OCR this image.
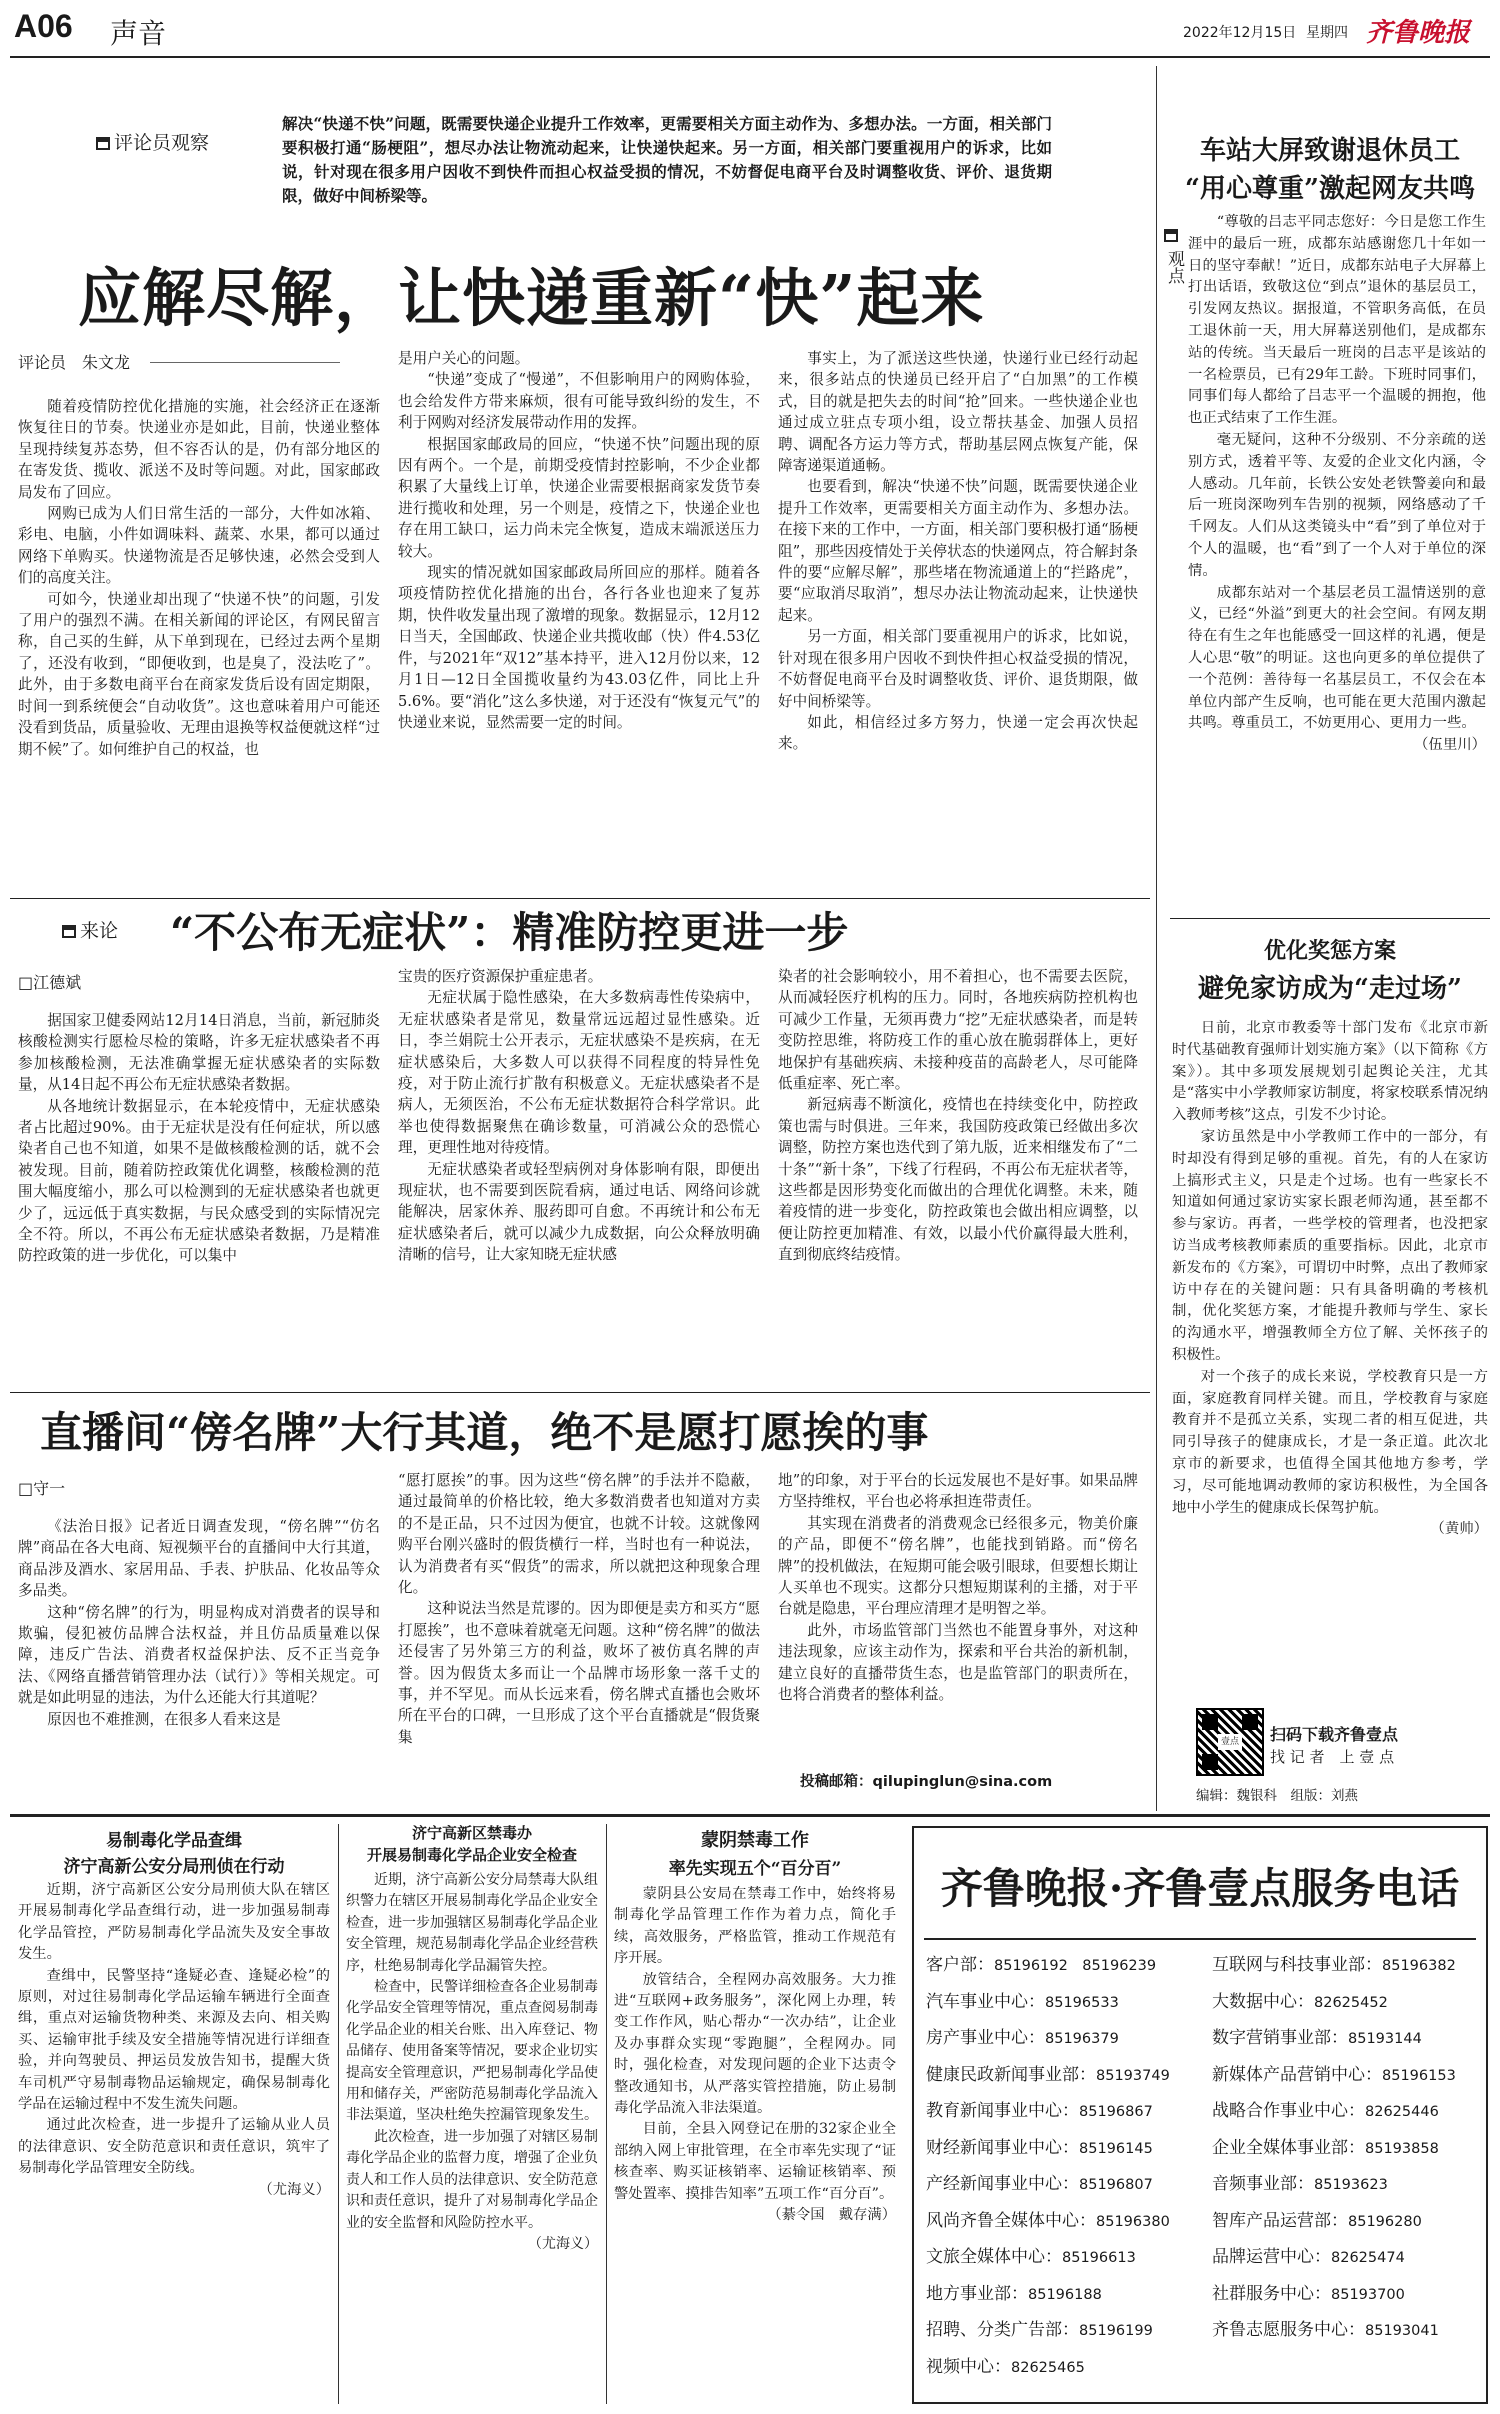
A06 声音	2022年12月15日 星期四 齐鲁晚报
评论员观察
解决“快递不快”问题，既需要快递企业提升工作效率，更需要相关方面主动作为、多想办法。一方面，相关部门要积极打通“肠梗阻”，想尽办法让物流动起来，让快递快起来。另一方面，相关部门要重视用户的诉求，比如说，针对现在很多用户因收不到快件而担心权益受损的情况，不妨督促电商平台及时调整收货、评价、退货期限，做好中间桥梁等。
应解尽解，让快递重新“快”起来
评论员　朱文龙

随着疫情防控优化措施的实施，社会经济正在逐渐恢复往日的节奏。快递业亦是如此，目前，快递业整体呈现持续复苏态势，但不容否认的是，仍有部分地区的在寄发货、揽收、派送不及时等问题。对此，国家邮政局发布了回应。

网购已成为人们日常生活的一部分，大件如冰箱、彩电、电脑，小件如调味料、蔬菜、水果，都可以通过网络下单购买。快递物流是否足够快速，必然会受到人们的高度关注。

可如今，快递业却出现了“快递不快”的问题，引发了用户的强烈不满。在相关新闻的评论区，有网民留言称，自己买的生鲜，从下单到现在，已经过去两个星期了，还没有收到，“即便收到，也是臭了，没法吃了”。此外，由于多数电商平台在商家发货后设有固定期限，时间一到系统便会“自动收货”。这也意味着用户可能还没看到货品，质量验收、无理由退换等权益便就这样“过期不候”了。如何维护自己的权益，也

是用户关心的问题。

“快递”变成了“慢递”，不但影响用户的网购体验，也会给发件方带来麻烦，很有可能导致纠纷的发生，不利于网购对经济发展带动作用的发挥。

根据国家邮政局的回应，“快递不快”问题出现的原因有两个。一个是，前期受疫情封控影响，不少企业都积累了大量线上订单，快递企业需要根据商家发货节奏进行揽收和处理，另一个则是，疫情之下，快递企业也存在用工缺口，运力尚未完全恢复，造成末端派送压力较大。

现实的情况就如国家邮政局所回应的那样。随着各项疫情防控优化措施的出台，各行各业也迎来了复苏期，快件收发量出现了激增的现象。数据显示，12月12日当天，全国邮政、快递企业共揽收邮（快）件4.53亿件，与2021年“双12”基本持平，进入12月份以来，12月1日—12日全国揽收量约为43.03亿件，同比上升5.6%。要“消化”这么多快递，对于还没有“恢复元气”的快递业来说，显然需要一定的时间。

事实上，为了派送这些快递，快递行业已经行动起来，很多站点的快递员已经开启了“白加黑”的工作模式，目的就是把失去的时间“抢”回来。一些快递企业也通过成立驻点专项小组，设立帮扶基金、加强人员招聘、调配各方运力等方式，帮助基层网点恢复产能，保障寄递渠道通畅。

也要看到，解决“快递不快”问题，既需要快递企业提升工作效率，更需要相关方面主动作为、多想办法。在接下来的工作中，一方面，相关部门要积极打通“肠梗阻”，那些因疫情处于关停状态的快递网点，符合解封条件的要“应解尽解”，那些堵在物流通道上的“拦路虎”，要“应取消尽取消”，想尽办法让物流动起来，让快递快起来。

另一方面，相关部门要重视用户的诉求，比如说，针对现在很多用户因收不到快件担心权益受损的情况，不妨督促电商平台及时调整收货、评价、退货期限，做好中间桥梁等。

如此，相信经过多方努力，快递一定会再次快起来。

车站大屏致谢退休员工
“用心尊重”激起网友共鸣
观点

“尊敬的吕志平同志您好：今日是您工作生涯中的最后一班，成都东站感谢您几十年如一日的坚守奉献！”近日，成都东站电子大屏幕上打出话语，致敬这位“到点”退休的基层员工，引发网友热议。据报道，不管职务高低，在员工退休前一天，用大屏幕送别他们，是成都东站的传统。当天最后一班岗的吕志平是该站的一名检票员，已有29年工龄。下班时同事们，同事们每人都给了吕志平一个温暖的拥抱，他也正式结束了工作生涯。

毫无疑问，这种不分级别、不分亲疏的送别方式，透着平等、友爱的企业文化内涵，令人感动。几年前，长铁公安处老铁警姜向和最后一班岗深吻列车告别的视频，网络感动了千千网友。人们从这类镜头中“看”到了单位对于个人的温暖，也“看”到了一个人对于单位的深情。

成都东站对一个基层老员工温情送别的意义，已经“外溢”到更大的社会空间。有网友期待在有生之年也能感受一回这样的礼遇，便是人心思“敬”的明证。这也向更多的单位提供了一个范例：善待每一名基层员工，不仅会在本单位内部产生反响，也可能在更大范围内激起共鸣。尊重员工，不妨更用心、更用力一些。

（伍里川）
优化奖惩方案
避免家访成为“走过场”

日前，北京市教委等十部门发布《北京市新时代基础教育强师计划实施方案》（以下简称《方案》）。其中多项发展规划引起舆论关注，尤其是“落实中小学教师家访制度，将家校联系情况纳入教师考核”这点，引发不少讨论。

家访虽然是中小学教师工作中的一部分，有时却没有得到足够的重视。首先，有的人在家访上搞形式主义，只是走个过场。也有一些家长不知道如何通过家访实家长跟老师沟通，甚至都不参与家访。再者，一些学校的管理者，也没把家访当成考核教师素质的重要指标。因此，北京市新发布的《方案》，可谓切中时弊，点出了教师家访中存在的关键问题：只有具备明确的考核机制，优化奖惩方案，才能提升教师与学生、家长的沟通水平，增强教师全方位了解、关怀孩子的积极性。

对一个孩子的成长来说，学校教育只是一方面，家庭教育同样关键。而且，学校教育与家庭教育并不是孤立关系，实现二者的相互促进，共同引导孩子的健康成长，才是一条正道。此次北京市的新要求，也值得全国其他地方参考，学习，尽可能地调动教师的家访积极性，为全国各地中小学生的健康成长保驾护航。

（黄帅）
壹点 扫码下载齐鲁壹点
找 记 者　上 壹 点
编辑：魏银科　组版：刘燕
来论 “不公布无症状”：精准防控更进一步
□江德斌

据国家卫健委网站12月14日消息，当前，新冠肺炎核酸检测实行愿检尽检的策略，许多无症状感染者不再参加核酸检测，无法准确掌握无症状感染者的实际数量，从14日起不再公布无症状感染者数据。

从各地统计数据显示，在本轮疫情中，无症状感染者占比超过90%。由于无症状是没有任何症状，所以感染者自己也不知道，如果不是做核酸检测的话，就不会被发现。目前，随着防控政策优化调整，核酸检测的范围大幅度缩小，那么可以检测到的无症状感染者也就更少了，远远低于真实数据，与民众感受到的实际情况完全不符。所以，不再公布无症状感染者数据，乃是精准防控政策的进一步优化，可以集中

宝贵的医疗资源保护重症患者。

无症状属于隐性感染，在大多数病毒性传染病中，无症状感染者是常见，数量常远远超过显性感染。近日，李兰娟院士公开表示，无症状感染不是疾病，在无症状感染后，大多数人可以获得不同程度的特异性免疫，对于防止流行扩散有积极意义。无症状感染者不是病人，无须医治，不公布无症状数据符合科学常识。此举也使得数据聚焦在确诊数量，可消减公众的恐慌心理，更理性地对待疫情。

无症状感染者或轻型病例对身体影响有限，即便出现症状，也不需要到医院看病，通过电话、网络问诊就能解决，居家休养、服药即可自愈。不再统计和公布无症状感染者后，就可以减少九成数据，向公众释放明确清晰的信号，让大家知晓无症状感

染者的社会影响较小，用不着担心，也不需要去医院，从而减轻医疗机构的压力。同时，各地疾病防控机构也可减少工作量，无须再费力“挖”无症状感染者，而是转变防控思维，将防疫工作的重心放在脆弱群体上，更好地保护有基础疾病、未接种疫苗的高龄老人，尽可能降低重症率、死亡率。

新冠病毒不断演化，疫情也在持续变化中，防控政策也需与时俱进。三年来，我国防疫政策已经做出多次调整，防控方案也迭代到了第九版，近来相继发布了“二十条”“新十条”，下线了行程码，不再公布无症状者等，这些都是因形势变化而做出的合理优化调整。未来，随着疫情的进一步变化，防控政策也会做出相应调整，以便让防控更加精准、有效，以最小代价赢得最大胜利，直到彻底终结疫情。

直播间“傍名牌”大行其道，绝不是愿打愿挨的事
□守一

《法治日报》记者近日调查发现，“傍名牌”“仿名牌”商品在各大电商、短视频平台的直播间中大行其道，商品涉及酒水、家居用品、手表、护肤品、化妆品等众多品类。

这种“傍名牌”的行为，明显构成对消费者的误导和欺骗，侵犯被仿品牌合法权益，并且仿品质量难以保障，违反广告法、消费者权益保护法、反不正当竞争法、《网络直播营销管理办法（试行）》等相关规定。可就是如此明显的违法，为什么还能大行其道呢？

原因也不难推测，在很多人看来这是

“愿打愿挨”的事。因为这些“傍名牌”的手法并不隐蔽，通过最简单的价格比较，绝大多数消费者也知道对方卖的不是正品，只不过因为便宜，也就不计较。这就像网购平台刚兴盛时的假货横行一样，当时也有一种说法，认为消费者有买“假货”的需求，所以就把这种现象合理化。

这种说法当然是荒谬的。因为即便是卖方和买方“愿打愿挨”，也不意味着就毫无问题。这种“傍名牌”的做法还侵害了另外第三方的利益，败坏了被仿真名牌的声誉。因为假货太多而让一个品牌市场形象一落千丈的事，并不罕见。而从长远来看，傍名牌式直播也会败坏所在平台的口碑，一旦形成了这个平台直播就是“假货聚集

地”的印象，对于平台的长远发展也不是好事。如果品牌方坚持维权，平台也必将承担连带责任。

其实现在消费者的消费观念已经很多元，物美价廉的产品，即便不“傍名牌”，也能找到销路。而“傍名牌”的投机做法，在短期可能会吸引眼球，但要想长期让人买单也不现实。这都分只想短期谋利的主播，对于平台就是隐患，平台理应清理才是明智之举。

此外，市场监管部门当然也不能置身事外，对这种违法现象，应该主动作为，探索和平台共治的新机制，建立良好的直播带货生态，也是监管部门的职责所在，也将合消费者的整体利益。

投稿邮箱：qilupinglun@sina.com
易制毒化学品查缉
济宁高新公安分局刑侦在行动

近期，济宁高新区公安分局刑侦大队在辖区开展易制毒化学品查缉行动，进一步加强易制毒化学品管控，严防易制毒化学品流失及安全事故发生。

查缉中，民警坚持“逢疑必查、逢疑必检”的原则，对过往易制毒化学品运输车辆进行全面查缉，重点对运输货物种类、来源及去向、相关购买、运输审批手续及安全措施等情况进行详细查验，并向驾驶员、押运员发放告知书，提醒大货车司机严守易制毒物品运输规定，确保易制毒化学品在运输过程中不发生流失问题。

通过此次检查，进一步提升了运输从业人员的法律意识、安全防范意识和责任意识，筑牢了易制毒化学品管理安全防线。

（尤海义）
济宁高新区禁毒办
开展易制毒化学品企业安全检查

近期，济宁高新公安分局禁毒大队组织警力在辖区开展易制毒化学品企业安全检查，进一步加强辖区易制毒化学品企业安全管理，规范易制毒化学品企业经营秩序，杜绝易制毒化学品漏管失控。

检查中，民警详细检查各企业易制毒化学品安全管理等情况，重点查阅易制毒化学品企业的相关台账、出入库登记、物品储存、使用备案等情况，要求企业切实提高安全管理意识，严把易制毒化学品使用和储存关，严密防范易制毒化学品流入非法渠道，坚决杜绝失控漏管现象发生。

此次检查，进一步加强了对辖区易制毒化学品企业的监督力度，增强了企业负责人和工作人员的法律意识、安全防范意识和责任意识，提升了对易制毒化学品企业的安全监督和风险防控水平。

（尤海义）
蒙阴禁毒工作
率先实现五个“百分百”

蒙阴县公安局在禁毒工作中，始终将易制毒化学品管理工作作为着力点，简化手续，高效服务，严格监管，推动工作规范有序开展。

放管结合，全程网办高效服务。大力推进“互联网+政务服务”，深化网上办理，转变工作作风，贴心帮办“一次办结”，让企业及办事群众实现“零跑腿”，全程网办。同时，强化检查，对发现问题的企业下达责令整改通知书，从严落实管控措施，防止易制毒化学品流入非法渠道。

目前，全县入网登记在册的32家企业全部纳入网上审批管理，在全市率先实现了“证核查率、购买证核销率、运输证核销率、预警处置率、摸排告知率”五项工作“百分百”。

（綦令国　戴存满）
齐鲁晚报·齐鲁壹点服务电话
客户部：85196192　85196239
汽车事业中心：85196533
房产事业中心：85196379
健康民政新闻事业部：85193749
教育新闻事业中心：85196867
财经新闻事业中心：85196145
产经新闻事业中心：85196807
风尚齐鲁全媒体中心：85196380
文旅全媒体中心：85196613
地方事业部：85196188
招聘、分类广告部：85196199
视频中心：82625465
互联网与科技事业部：85196382
大数据中心：82625452
数字营销事业部：85193144
新媒体产品营销中心：85196153
战略合作事业中心：82625446
企业全媒体事业部：85193858
音频事业部：85193623
智库产品运营部：85196280
品牌运营中心：82625474
社群服务中心：85193700
齐鲁志愿服务中心：85193041
